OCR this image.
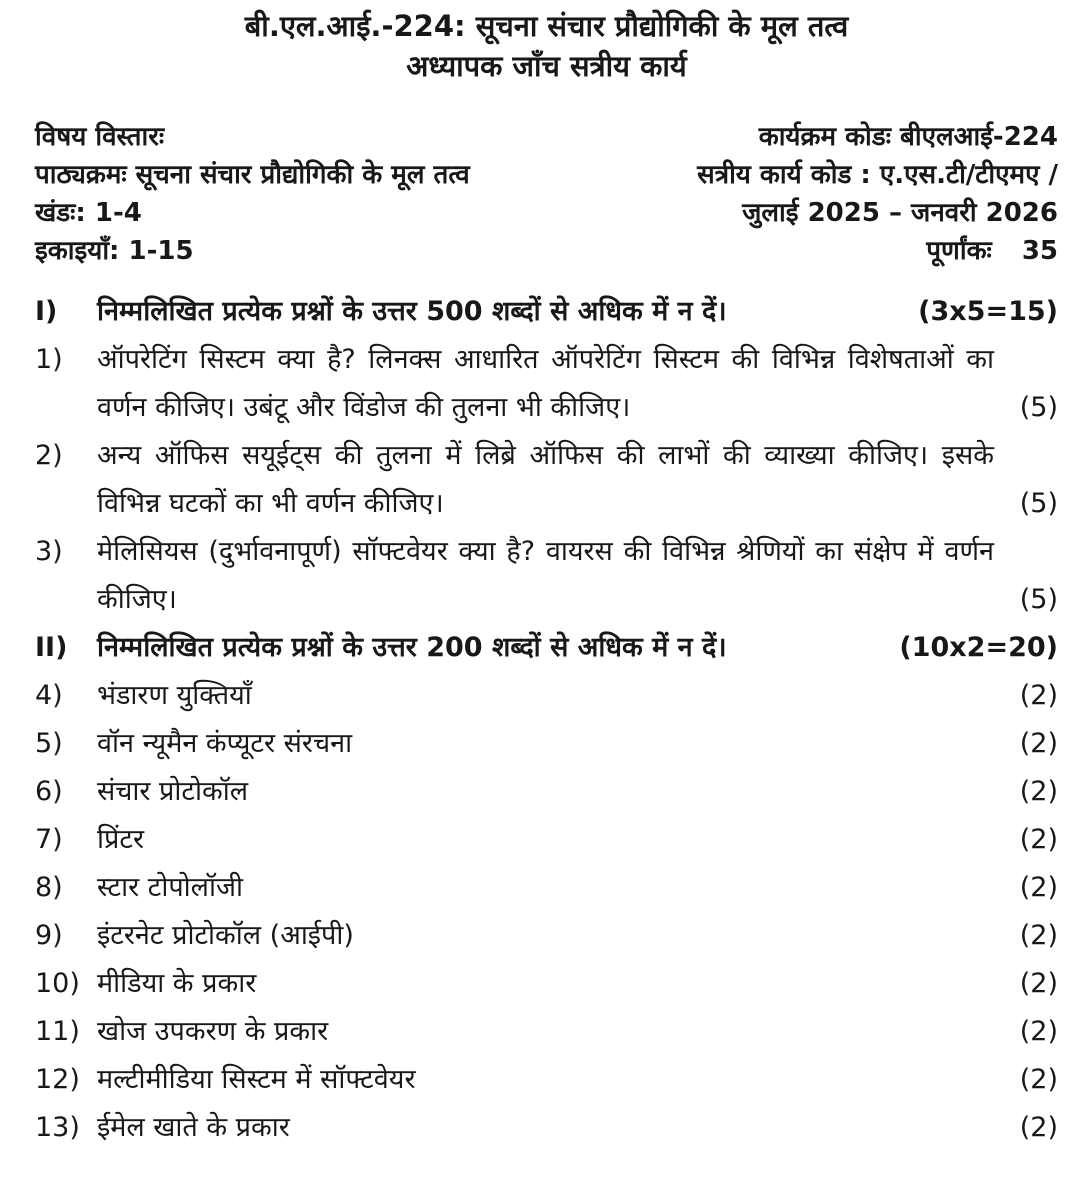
बी.एल.आई.-224: सूचना संचार प्रौद्योगिकी के मूल तत्व
अध्यापक जाँच सत्रीय कार्य
विषय विस्तारः
पाठ्यक्रमः सूचना संचार प्रौद्योगिकी के मूल तत्व
खंडः: 1-4
इकाइयाँ: 1-15
कार्यक्रम कोडः बीएलआई-224
सत्रीय कार्य कोड : ए.एस.टी/टीएमए /
जुलाई 2025 – जनवरी 2026
पूर्णांकः 35
I)	निम्मलिखित प्रत्येक प्रश्नों के उत्तर 500 शब्दों से अधिक में न दें।	(3x5=15)
1)	ऑपरेटिंग सिस्टम क्या है? लिनक्स आधारित ऑपरेटिंग सिस्टम की विभिन्न विशेषताओं का वर्णन कीजिए। उबंटू और विंडोज की तुलना भी कीजिए।	(5)
2)	अन्य ऑफिस सयूईट्स की तुलना में लिब्रे ऑफिस की लाभों की व्याख्या कीजिए। इसके विभिन्न घटकों का भी वर्णन कीजिए।	(5)
3)	मेलिसियस (दुर्भावनापूर्ण) सॉफ्टवेयर क्या है? वायरस की विभिन्न श्रेणियों का संक्षेप में वर्णन कीजिए।	(5)
II)	निम्मलिखित प्रत्येक प्रश्नों के उत्तर 200 शब्दों से अधिक में न दें।	(10x2=20)
4)	भंडारण युक्तियाँ	(2)
5)	वॉन न्यूमैन कंप्यूटर संरचना	(2)
6)	संचार प्रोटोकॉल	(2)
7)	प्रिंटर	(2)
8)	स्टार टोपोलॉजी	(2)
9)	इंटरनेट प्रोटोकॉल (आईपी)	(2)
10) मीडिया के प्रकार	(2)
11) खोज उपकरण के प्रकार	(2)
12) मल्टीमीडिया सिस्टम में सॉफ्टवेयर	(2)
13) ईमेल खाते के प्रकार	(2)
